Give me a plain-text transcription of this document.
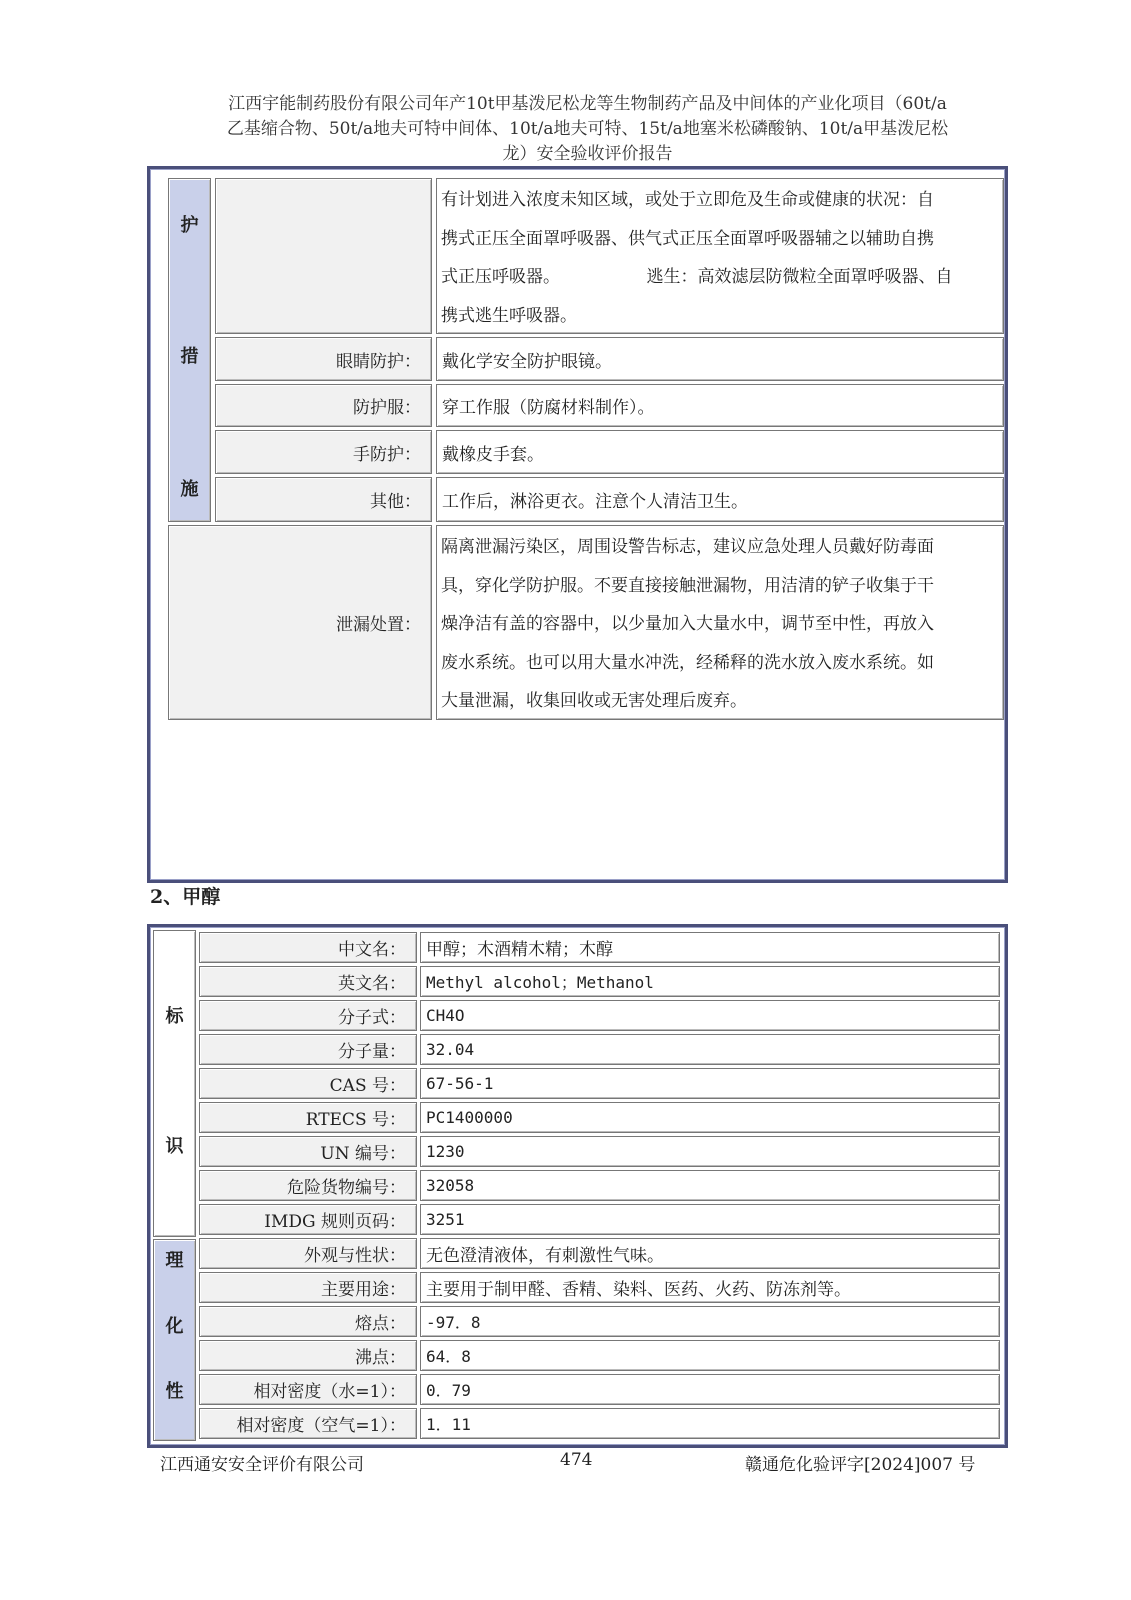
江西宇能制药股份有限公司年产10t甲基泼尼松龙等生物制药产品及中间体的产业化项目（60t/a
乙基缩合物、50t/a地夫可特中间体、10t/a地夫可特、15t/a地塞米松磷酸钠、10t/a甲基泼尼松
龙）安全验收评价报告
护
措
施
有计划进入浓度未知区域，或处于立即危及生命或健康的状况：自
携式正压全面罩呼吸器、供气式正压全面罩呼吸器辅之以辅助自携
式正压呼吸器。                逃生：高效滤层防微粒全面罩呼吸器、自
携式逃生呼吸器。
眼睛防护：	戴化学安全防护眼镜。
防护服：	穿工作服（防腐材料制作）。
手防护：	戴橡皮手套。
其他：	工作后，淋浴更衣。注意个人清洁卫生。
泄漏处置：
隔离泄漏污染区，周围设警告标志，建议应急处理人员戴好防毒面
具，穿化学防护服。不要直接接触泄漏物，用洁清的铲子收集于干
燥净洁有盖的容器中，以少量加入大量水中，调节至中性，再放入
废水系统。也可以用大量水冲洗，经稀释的洗水放入废水系统。如
大量泄漏，收集回收或无害处理后废弃。
2、甲醇
标
识
理
化
性
中文名：	甲醇；木酒精木精；木醇
英文名：	Methyl alcohol；Methanol
分子式：	CH4O
分子量：	32.04
CAS 号：	67-56-1
RTECS 号：	PC1400000
UN 编号：	1230
危险货物编号：	32058
IMDG 规则页码：	3251
外观与性状：	无色澄清液体，有刺激性气味。
主要用途：	主要用于制甲醛、香精、染料、医药、火药、防冻剂等。
熔点：	-97．8
沸点：	64．8
相对密度（水=1）：	0．79
相对密度（空气=1）：	1．11
江西通安安全评价有限公司	474	赣通危化验评字[2024]007 号
